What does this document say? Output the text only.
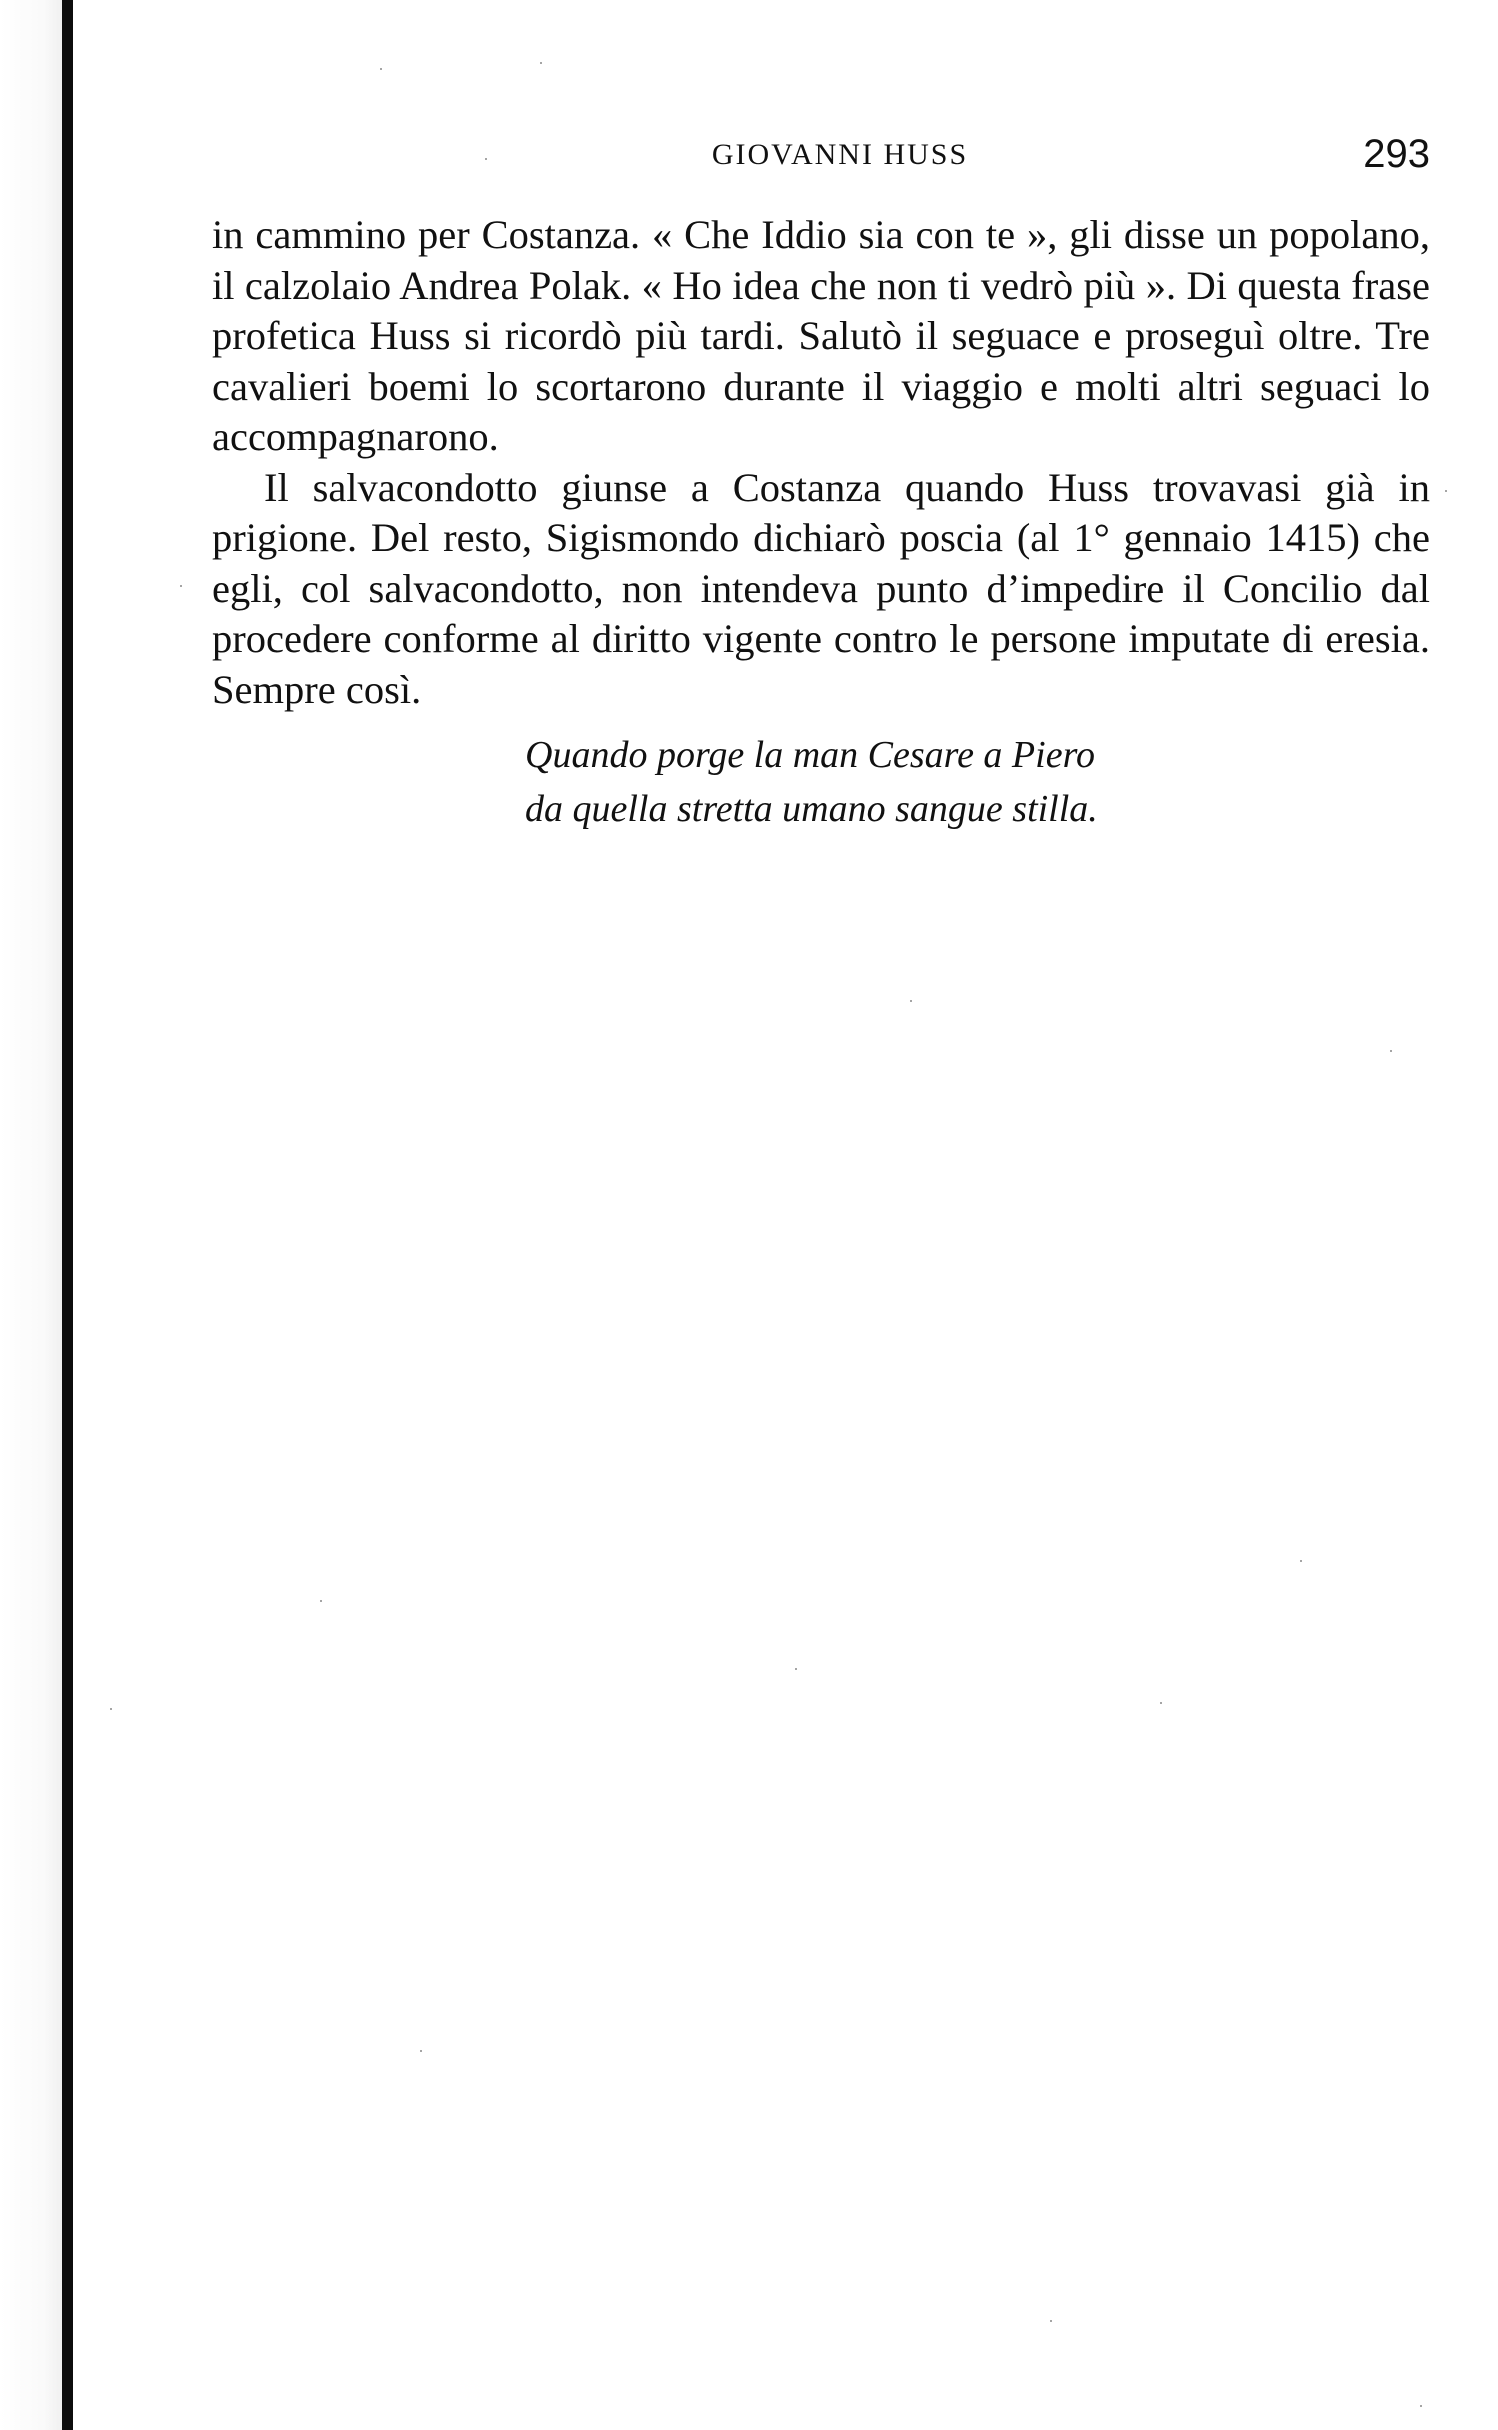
GIOVANNI HUSS	293

in cammino per Costanza. « Che Iddio sia con te », gli disse un popolano, il calzolaio Andrea Polak. « Ho idea che non ti vedrò più ». Di questa frase profetica Huss si ricordò più tardi. Salutò il seguace e proseguì oltre. Tre cavalieri boemi lo scortarono durante il viaggio e molti altri seguaci lo accompagnarono.

Il salvacondotto giunse a Costanza quando Huss trovavasi già in prigione. Del resto, Sigismondo dichiarò poscia (al 1° gennaio 1415) che egli, col salvacondotto, non intendeva punto d’impedire il Concilio dal procedere conforme al diritto vigente contro le persone imputate di eresia. Sempre così.

Quando porge la man Cesare a Piero
da quella stretta umano sangue stilla.
